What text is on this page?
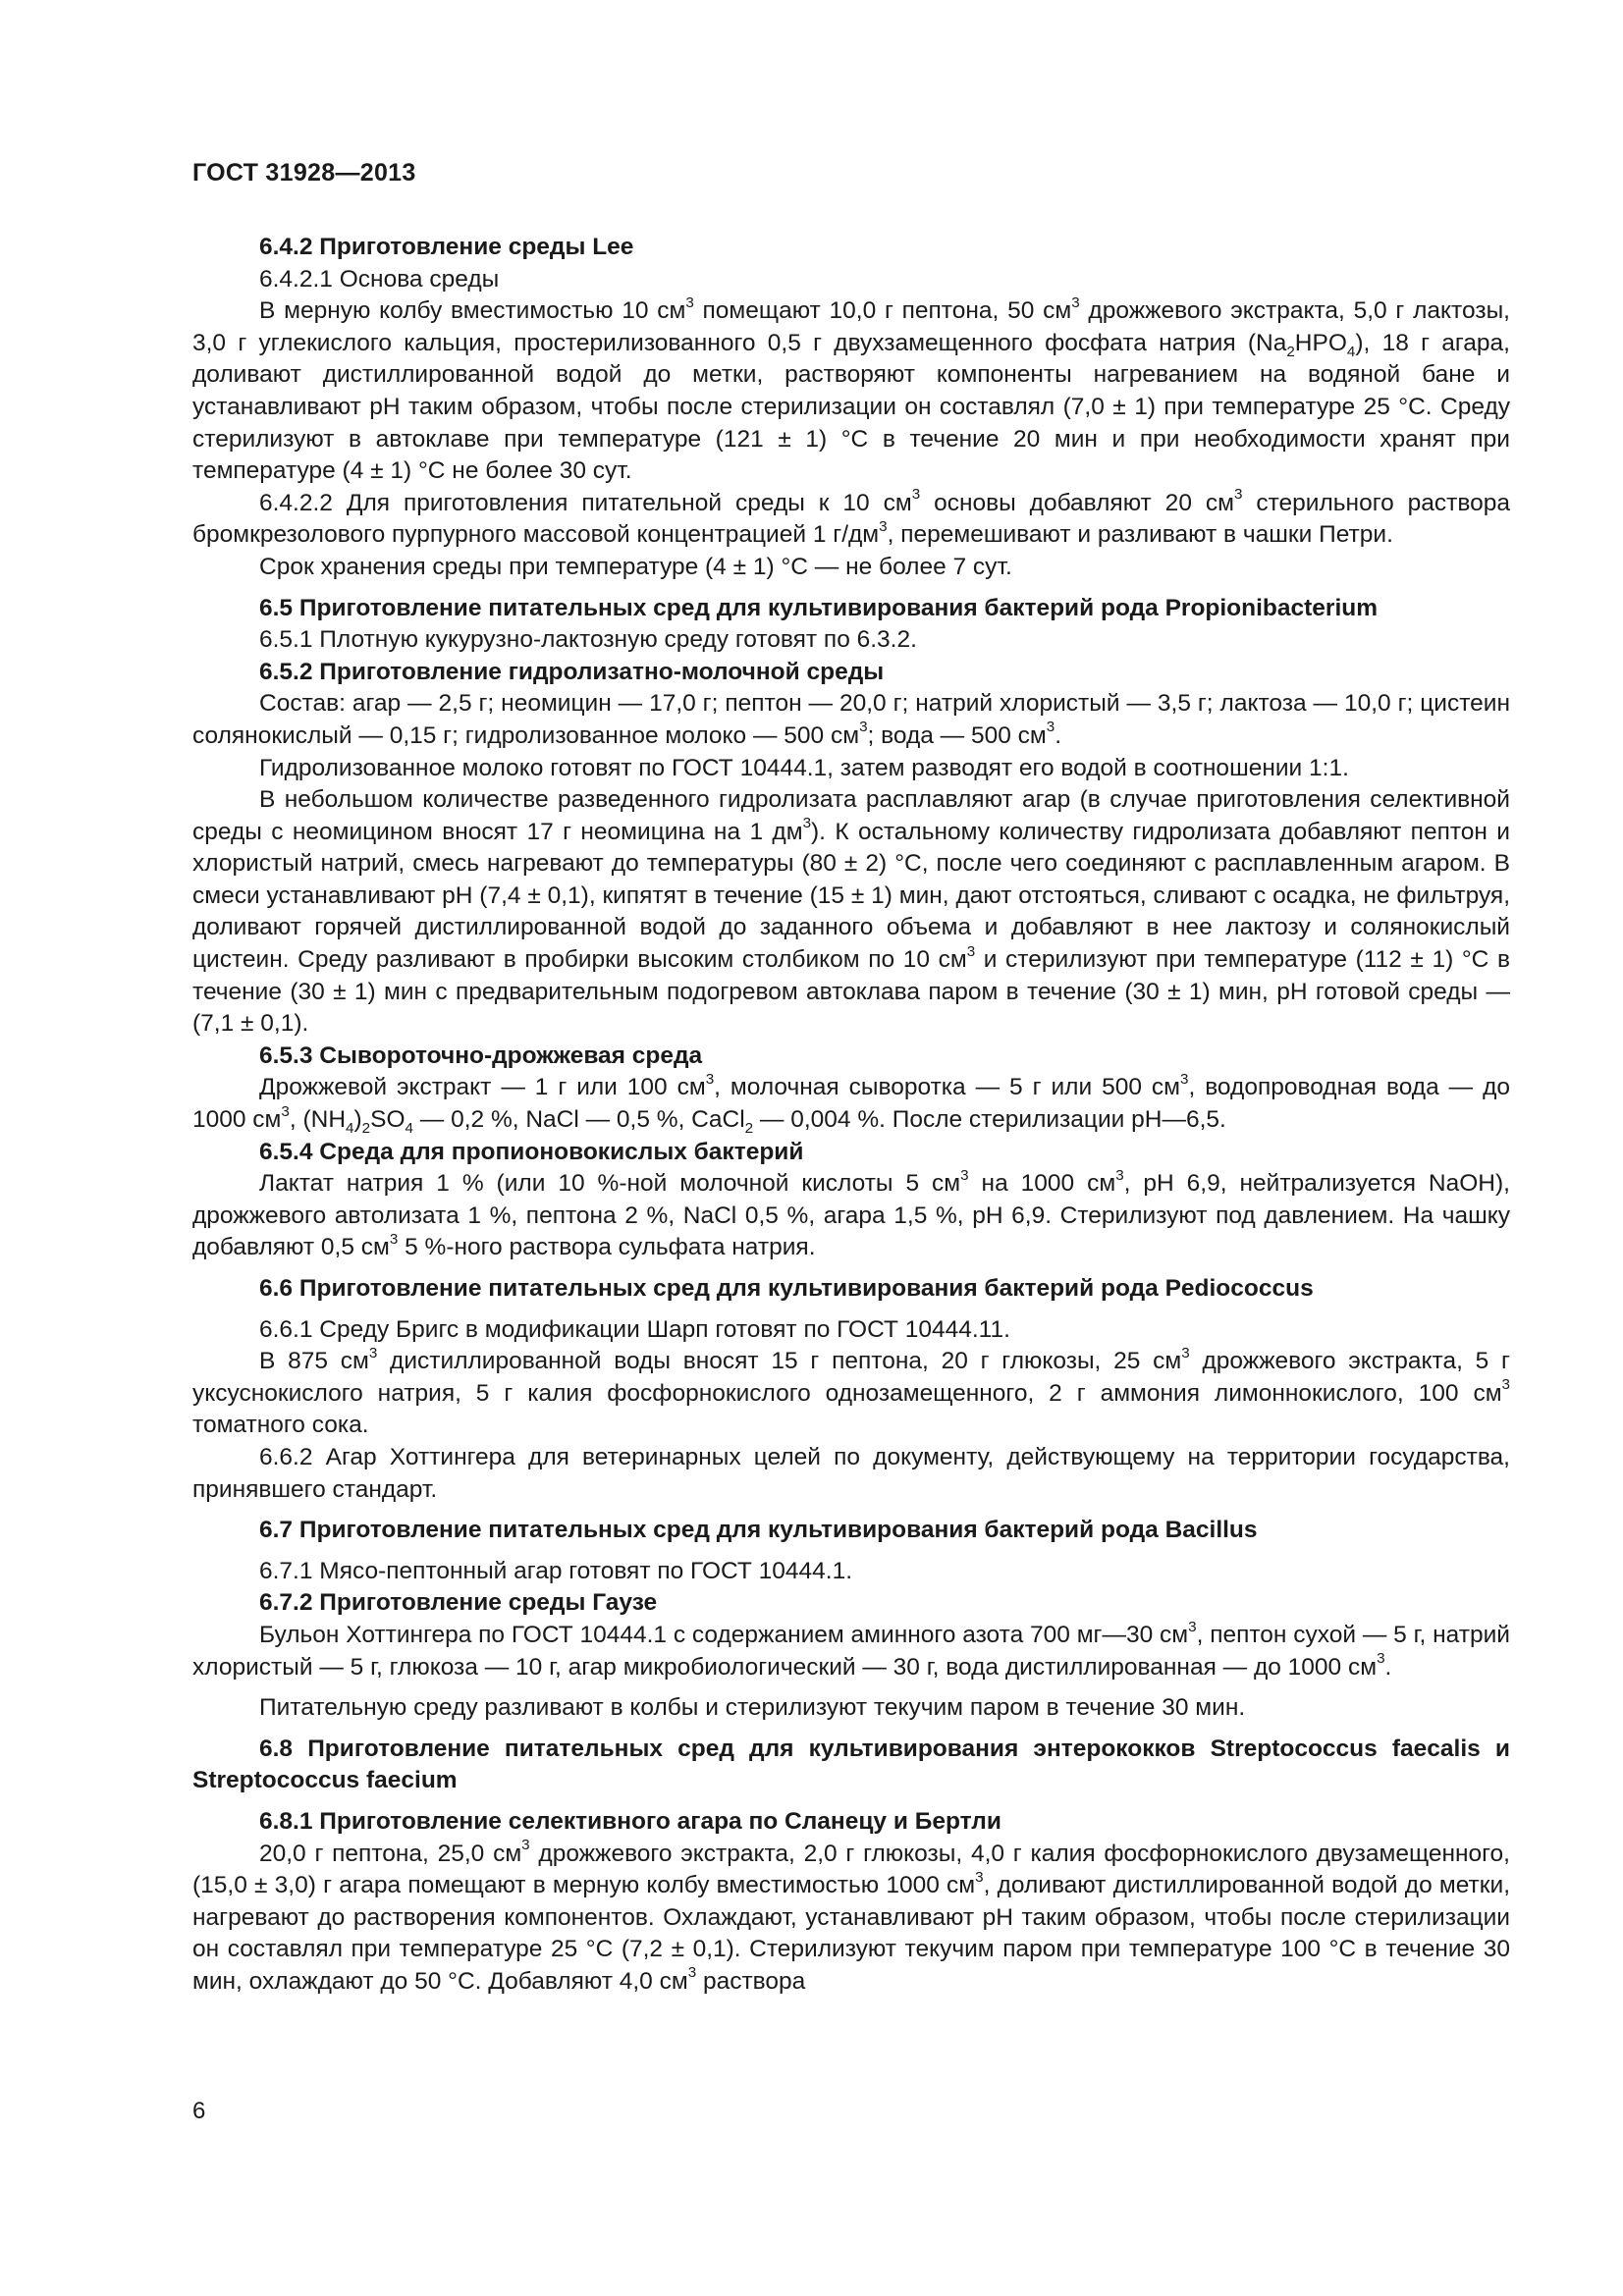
ГОСТ 31928—2013

6.4.2 Приготовление среды Lee

6.4.2.1 Основа среды

В мерную колбу вместимостью 10 $см^3$ помещают 10,0 г пептона, 50 $см^3$ дрожжевого экстракта, 5,0 г лактозы, 3,0 г углекислого кальция, простерилизованного 0,5 г двухзамещенного фосфата натрия $(Na_2HPO_4)$, 18 г агара, доливают дистиллированной водой до метки, растворяют компоненты нагреванием на водяной бане и устанавливают рН таким образом, чтобы после стерилизации он составлял (7,0 ± 1) при температуре 25 °С. Среду стерилизуют в автоклаве при температуре (121 ± 1) °С в течение 20 мин и при необходимости хранят при температуре (4 ± 1) °С не более 30 сут.

6.4.2.2 Для приготовления питательной среды к 10 $см^3$ основы добавляют 20 $см^3$ стерильного раствора бромкрезолового пурпурного массовой концентрацией 1 $г/дм^3$, перемешивают и разливают в чашки Петри.

Срок хранения среды при температуре (4 ± 1) °С — не более 7 сут.

6.5 Приготовление питательных сред для культивирования бактерий рода Propionibacterium

6.5.1 Плотную кукурузно-лактозную среду готовят по 6.3.2.

6.5.2 Приготовление гидролизатно-молочной среды

Состав: агар — 2,5 г; неомицин — 17,0 г; пептон — 20,0 г; натрий хлористый — 3,5 г; лактоза — 10,0 г; цистеин солянокислый — 0,15 г; гидролизованное молоко — 500 $см^3$; вода — 500 $см^3$.

Гидролизованное молоко готовят по ГОСТ 10444.1, затем разводят его водой в соотношении 1:1.

В небольшом количестве разведенного гидролизата расплавляют агар (в случае приготовления селективной среды с неомицином вносят 17 г неомицина на 1 $дм^3$). К остальному количеству гидролизата добавляют пептон и хлористый натрий, смесь нагревают до температуры (80 ± 2) °С, после чего соединяют с расплавленным агаром. В смеси устанавливают рН (7,4 ± 0,1), кипятят в течение (15 ± 1) мин, дают отстояться, сливают с осадка, не фильтруя, доливают горячей дистиллированной водой до заданного объема и добавляют в нее лактозу и солянокислый цистеин. Среду разливают в пробирки высоким столбиком по 10 $см^3$ и стерилизуют при температуре (112 ± 1) °С в течение (30 ± 1) мин с предварительным подогревом автоклава паром в течение (30 ± 1) мин, рН готовой среды — (7,1 ± 0,1).

6.5.3 Сывороточно-дрожжевая среда

Дрожжевой экстракт — 1 г или 100 $см^3$, молочная сыворотка — 5 г или 500 $см^3$, водопроводная вода — до 1000 $см^3$, $(NH_4)_2SO_4$ — 0,2 %, NaCl — 0,5 %, CaCl$_2$ — 0,004 %. После стерилизации рН—6,5.

6.5.4 Среда для пропионовокислых бактерий

Лактат натрия 1 % (или 10 %-ной молочной кислоты 5 $см^3$ на 1000 $см^3$, рН 6,9, нейтрализуется NaOH), дрожжевого автолизата 1 %, пептона 2 %, NaCl 0,5 %, агара 1,5 %, рН 6,9. Стерилизуют под давлением. На чашку добавляют 0,5 $см^3$ 5 %-ного раствора сульфата натрия.

6.6 Приготовление питательных сред для культивирования бактерий рода Pediococcus

6.6.1 Среду Бригс в модификации Шарп готовят по ГОСТ 10444.11.

В 875 $см^3$ дистиллированной воды вносят 15 г пептона, 20 г глюкозы, 25 $см^3$ дрожжевого экстракта, 5 г уксуснокислого натрия, 5 г калия фосфорнокислого однозамещенного, 2 г аммония лимоннокислого, 100 $см^3$ томатного сока.

6.6.2 Агар Хоттингера для ветеринарных целей по документу, действующему на территории государства, принявшего стандарт.

6.7 Приготовление питательных сред для культивирования бактерий рода Bacillus

6.7.1 Мясо-пептонный агар готовят по ГОСТ 10444.1.

6.7.2 Приготовление среды Гаузе

Бульон Хоттингера по ГОСТ 10444.1 с содержанием аминного азота 700 мг—30 $см^3$, пептон сухой — 5 г, натрий хлористый — 5 г, глюкоза — 10 г, агар микробиологический — 30 г, вода дистиллированная — до 1000 $см^3$.

Питательную среду разливают в колбы и стерилизуют текучим паром в течение 30 мин.

6.8 Приготовление питательных сред для культивирования энтерококков Streptococcus faecalis и Streptococcus faecium

6.8.1 Приготовление селективного агара по Сланецу и Бертли

20,0 г пептона, 25,0 $см^3$ дрожжевого экстракта, 2,0 г глюкозы, 4,0 г калия фосфорнокислого двузамещенного, (15,0 ± 3,0) г агара помещают в мерную колбу вместимостью 1000 $см^3$, доливают дистиллированной водой до метки, нагревают до растворения компонентов. Охлаждают, устанавливают рН таким образом, чтобы после стерилизации он составлял при температуре 25 °С (7,2 ± 0,1). Стерилизуют текучим паром при температуре 100 °С в течение 30 мин, охлаждают до 50 °С. Добавляют 4,0 $см^3$ раствора

6
